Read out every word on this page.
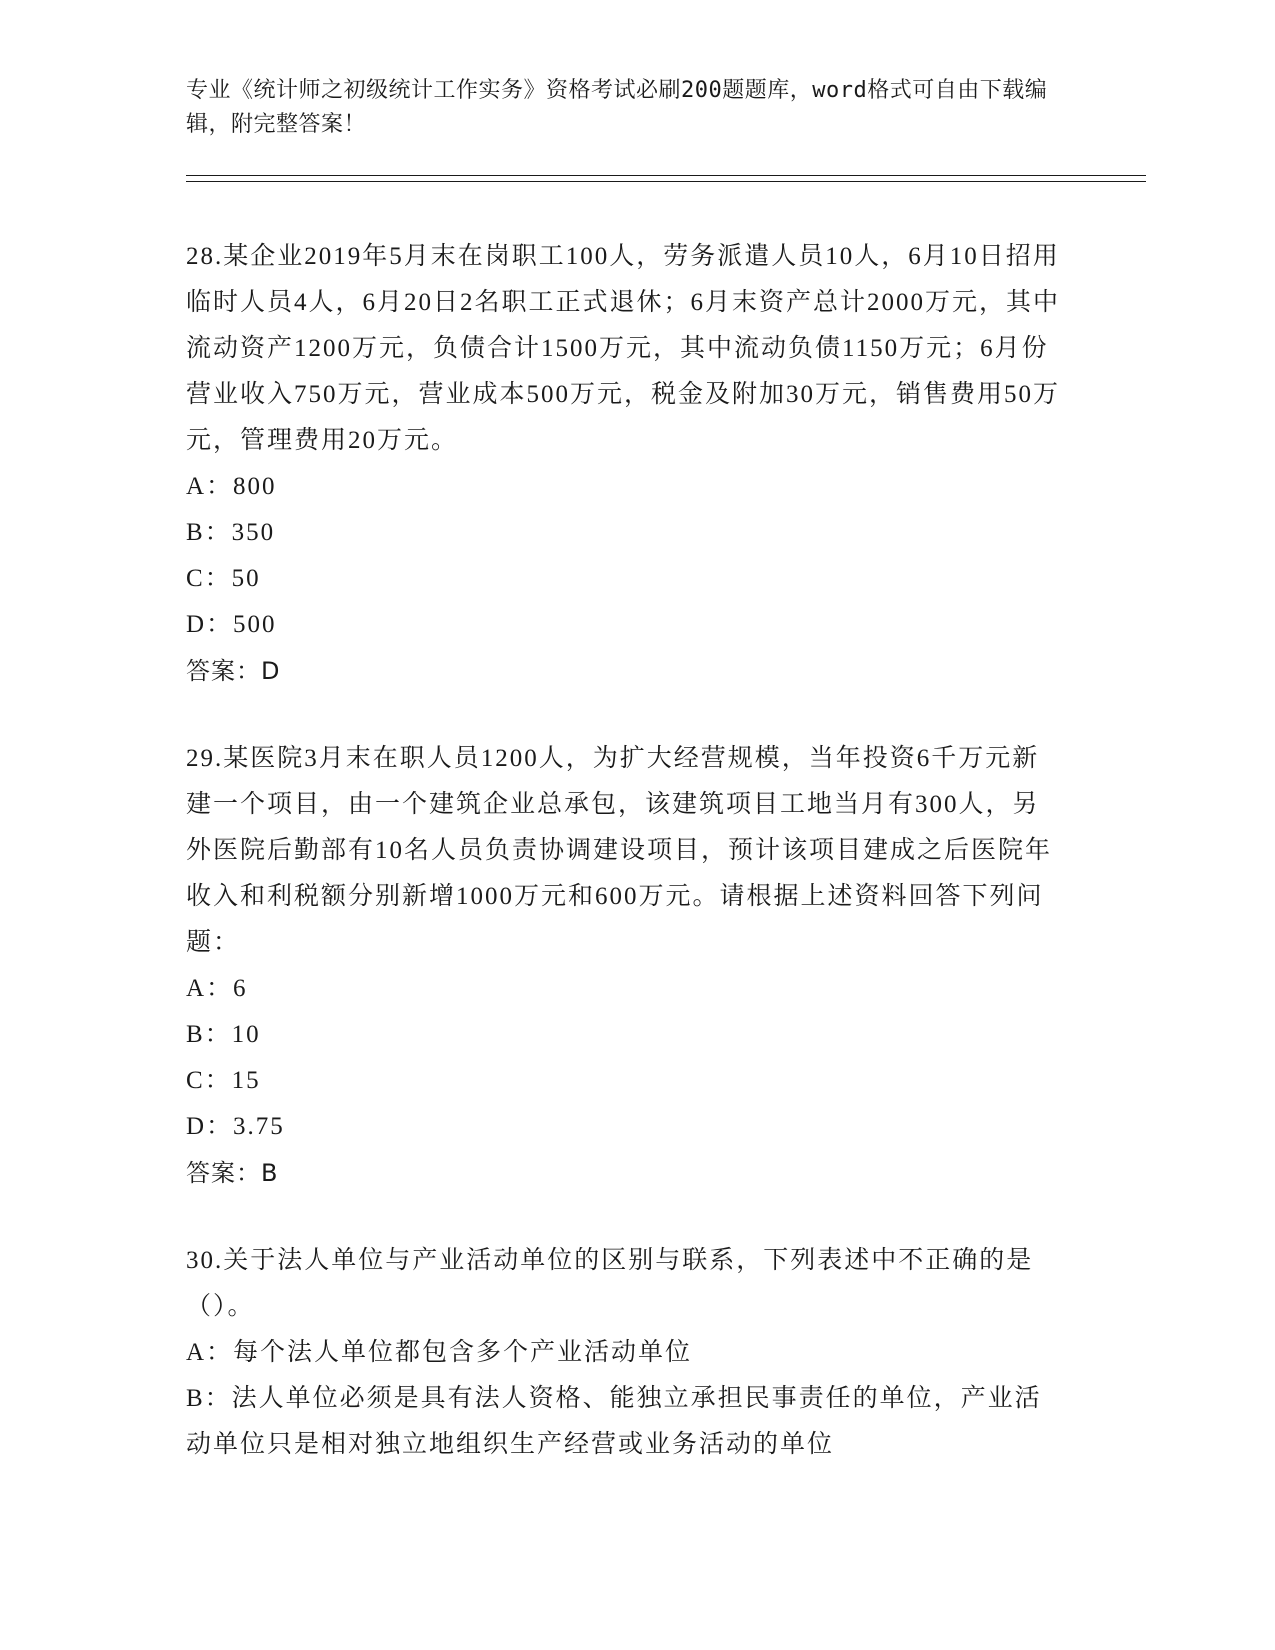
专业《统计师之初级统计工作实务》资格考试必刷200题题库，word格式可自由下载编辑，附完整答案！

28.某企业2019年5月末在岗职工100人，劳务派遣人员10人，6月10日招用临时人员4人，6月20日2名职工正式退休；6月末资产总计2000万元，其中流动资产1200万元，负债合计1500万元，其中流动负债1150万元；6月份营业收入750万元，营业成本500万元，税金及附加30万元，销售费用50万元，管理费用20万元。

A：800

B：350

C：50

D：500

答案：D

29.某医院3月末在职人员1200人，为扩大经营规模，当年投资6千万元新建一个项目，由一个建筑企业总承包，该建筑项目工地当月有300人，另外医院后勤部有10名人员负责协调建设项目，预计该项目建成之后医院年收入和利税额分别新增1000万元和600万元。请根据上述资料回答下列问题：

A：6

B：10

C：15

D：3.75

答案：B

30.关于法人单位与产业活动单位的区别与联系，下列表述中不正确的是（）。

A：每个法人单位都包含多个产业活动单位

B：法人单位必须是具有法人资格、能独立承担民事责任的单位，产业活动单位只是相对独立地组织生产经营或业务活动的单位
